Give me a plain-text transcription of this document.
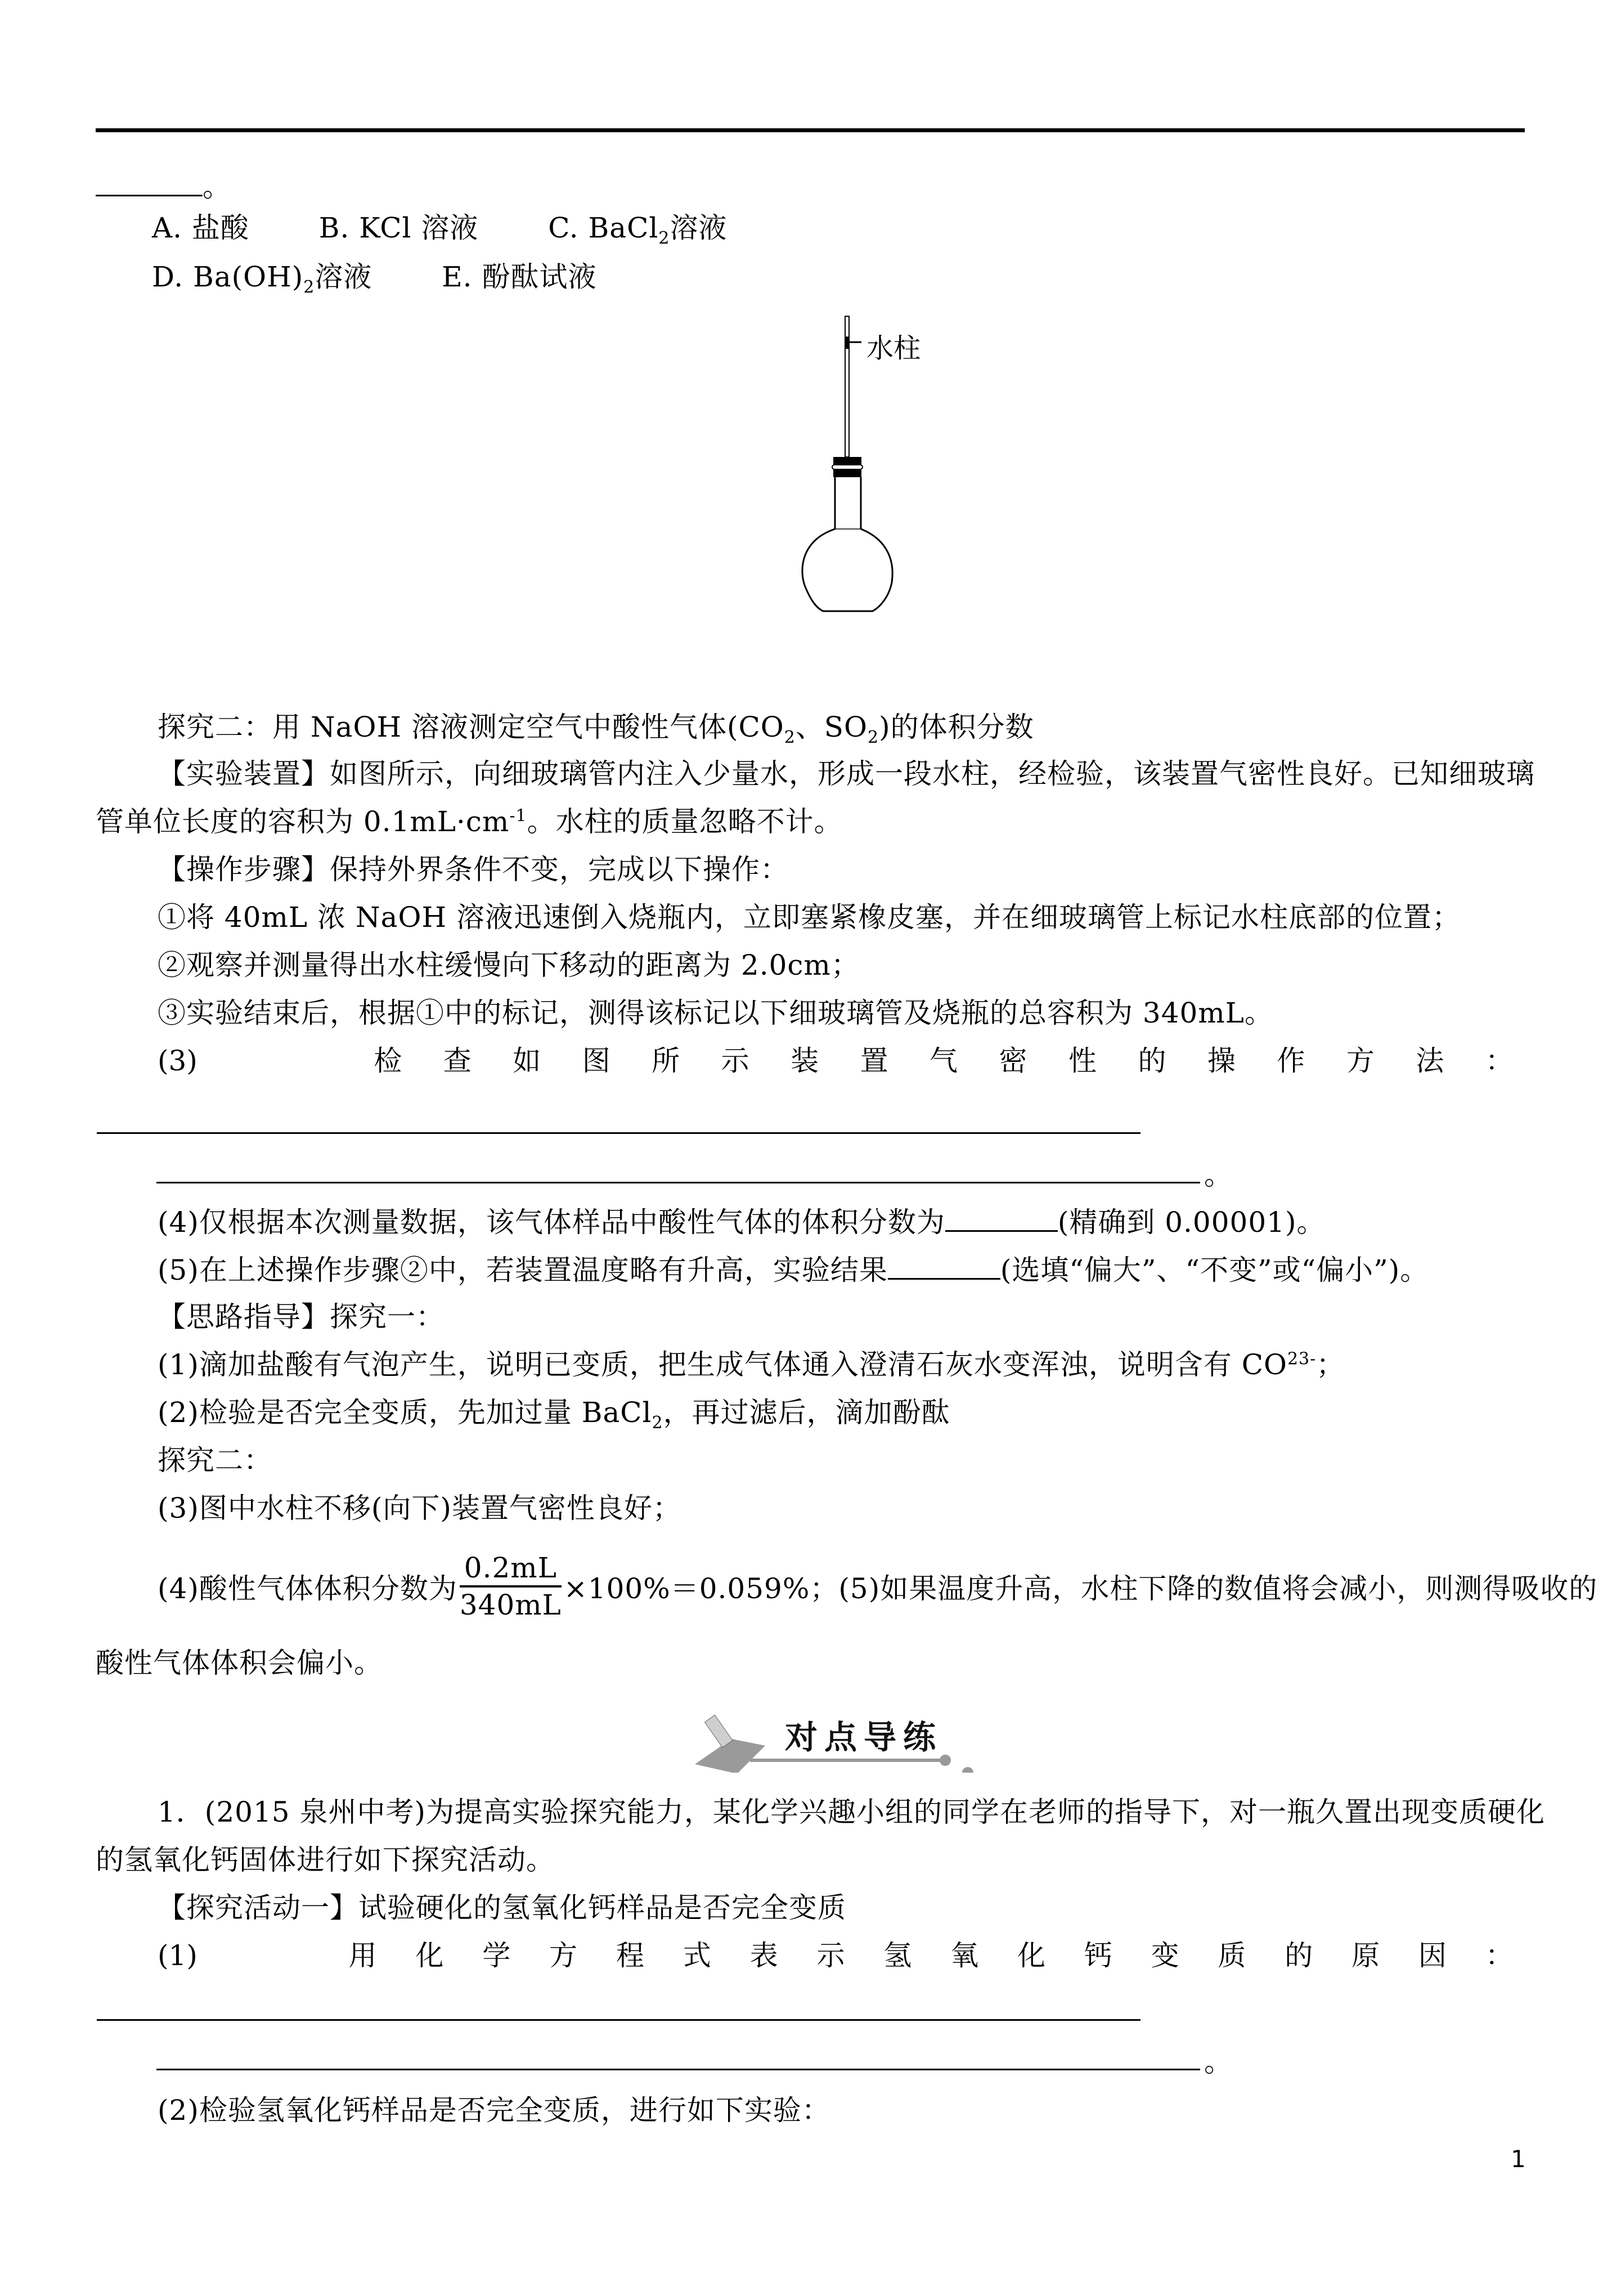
。
A. 盐酸 B. KCl 溶液 C. BaCl$_2$溶液
D. $Ba(OH)_2$溶液 E. 酚酞试液
水柱
探究二：用 NaOH 溶液测定空气中酸性气体($CO_2$、$SO_2$)的体积分数
【实验装置】如图所示，向细玻璃管内注入少量水，形成一段水柱，经检验，该装置气密性良好。已知细玻璃
管单位长度的容积为 $0.1mL\cdot cm^{-1}$。水柱的质量忽略不计。
【操作步骤】保持外界条件不变，完成以下操作：
①将 40mL 浓 NaOH 溶液迅速倒入烧瓶内，立即塞紧橡皮塞，并在细玻璃管上标记水柱底部的位置；
②观察并测量得出水柱缓慢向下移动的距离为 2.0cm；
③实验结束后，根据①中的标记，测得该标记以下细玻璃管及烧瓶的总容积为 340mL。
(3)	检 查 如 图 所 示 装 置 气 密 性 的 操 作 方 法 ：
。
(4)仅根据本次测量数据，该气体样品中酸性气体的体积分数为	(精确到 0.00001)。
(5)在上述操作步骤②中，若装置温度略有升高，实验结果	(选填“偏大”、“不变”或“偏小”)。
【思路指导】探究一：
(1)滴加盐酸有气泡产生，说明已变质，把生成气体通入澄清石灰水变浑浊，说明含有 $CO^{23-}$；
(2)检验是否完全变质，先加过量 BaCl$_2$，再过滤后，滴加酚酞
探究二：
(3)图中水柱不移(向下)装置气密性良好；
(4)酸性气体体积分数为 $\frac{0.2mL}{340mL} \times 100\%=0.059\%$；(5)如果温度升高，水柱下降的数值将会减小，则测得吸收的
酸性气体体积会偏小。
对点导练
1．(2015 泉州中考)为提高实验探究能力，某化学兴趣小组的同学在老师的指导下，对一瓶久置出现变质硬化
的氢氧化钙固体进行如下探究活动。
【探究活动一】试验硬化的氢氧化钙样品是否完全变质
(1)	用 化 学 方 程 式 表 示 氢 氧 化 钙 变 质 的 原 因 ：
。
(2)检验氢氧化钙样品是否完全变质，进行如下实验：
1
